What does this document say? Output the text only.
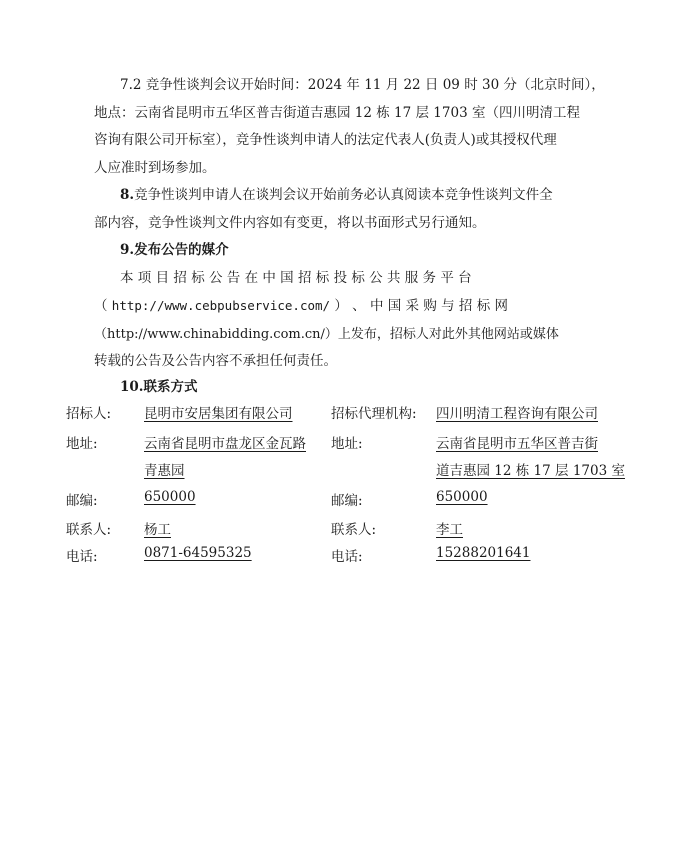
7.2 竞争性谈判会议开始时间：2024 年 11 月 22 日 09 时 30 分（北京时间），
地点：云南省昆明市五华区普吉街道吉惠园 12 栋 17 层 1703 室（四川明清工程
咨询有限公司开标室），竞争性谈判申请人的法定代表人(负责人)或其授权代理
人应准时到场参加。
8.竞争性谈判申请人在谈判会议开始前务必认真阅读本竞争性谈判文件全
部内容，竞争性谈判文件内容如有变更，将以书面形式另行通知。
9.发布公告的媒介
本 项 目 招 标 公 告 在 中 国 招 标 投 标 公 共 服 务 平 台
（ http://www.cebpubservice.com/ ） 、 中 国 采 购 与 招 标 网
（http://www.chinabidding.com.cn/）上发布，招标人对此外其他网站或媒体
转载的公告及公告内容不承担任何责任。
10.联系方式
招标人: 昆明市安居集团有限公司	招标代理机构: 四川明清工程咨询有限公司
地址:	云南省昆明市盘龙区金瓦路 地址:	云南省昆明市五华区普吉街
青惠园	道吉惠园 12 栋 17 层 1703 室
邮编:	650000	邮编:	650000
联系人: 杨工	联系人:	李工
电话:	0871-64595325	电话:	15288201641
